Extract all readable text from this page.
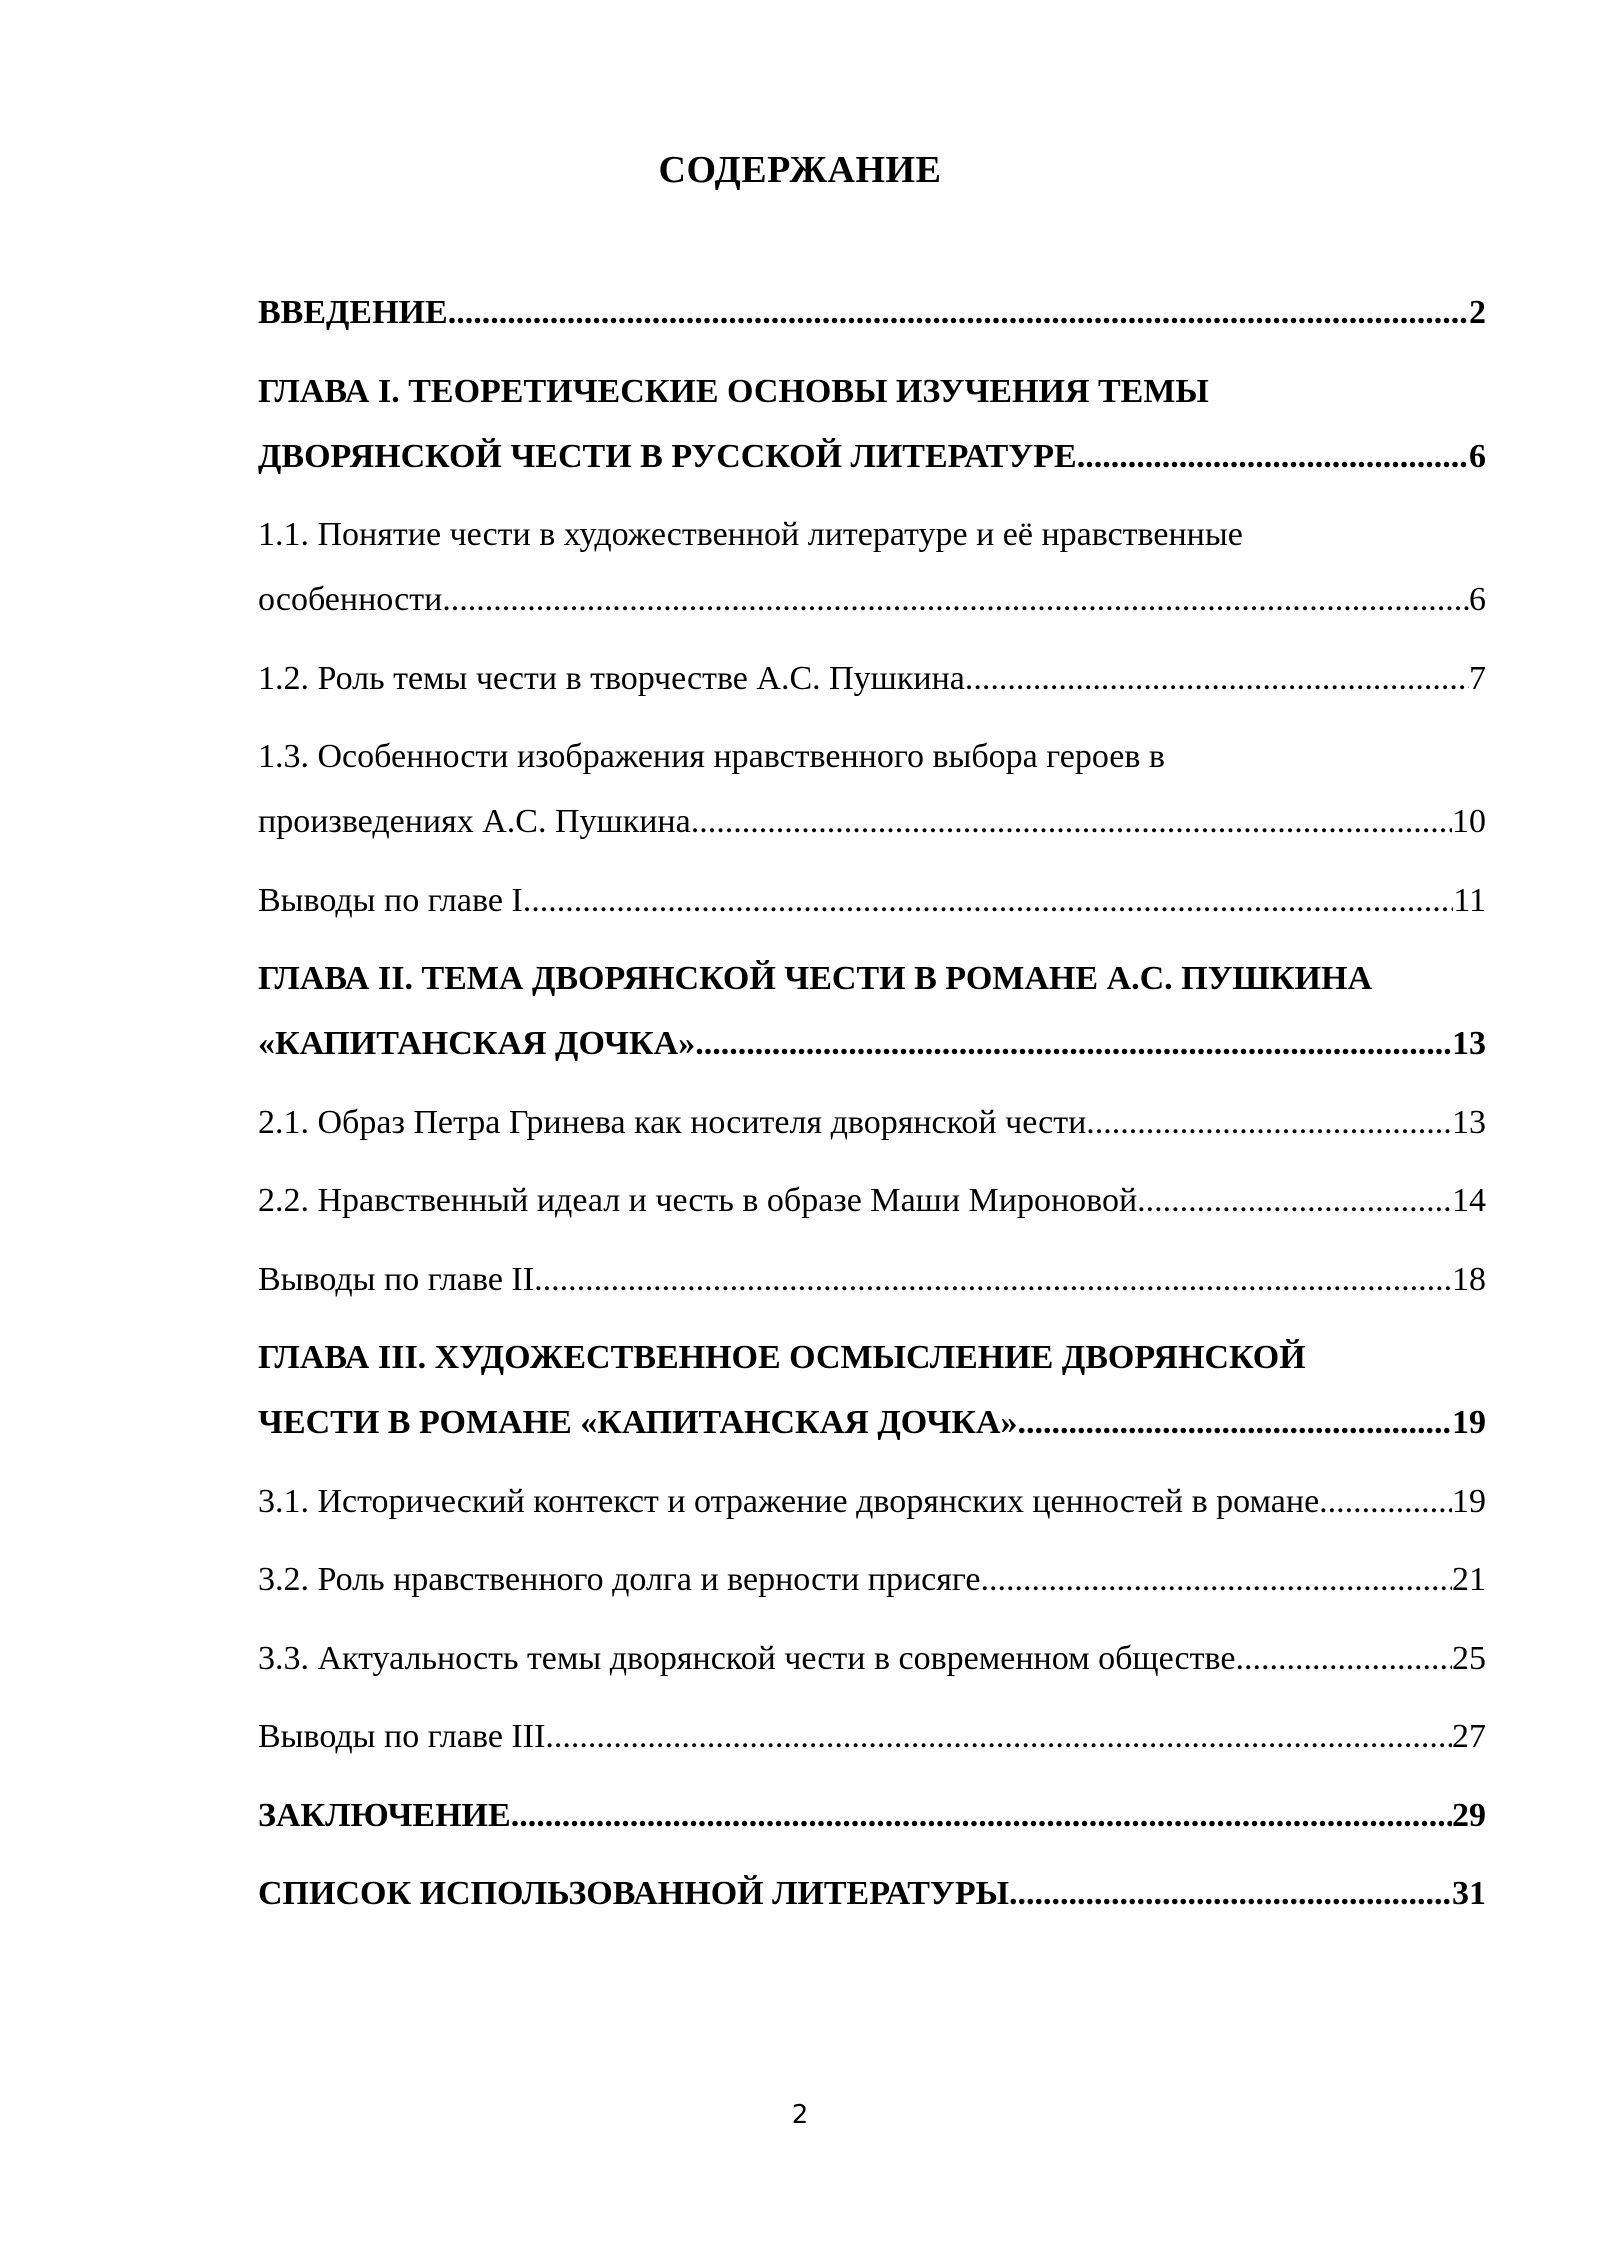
СОДЕРЖАНИЕ
ВВЕДЕНИЕ .....	2
ГЛАВА I. ТЕОРЕТИЧЕСКИЕ ОСНОВЫ ИЗУЧЕНИЯ ТЕМЫ
ДВОРЯНСКОЙ ЧЕСТИ В РУССКОЙ ЛИТЕРАТУРЕ .....	6
1.1. Понятие чести в художественной литературе и её нравственные
особенности .....	6
1.2. Роль темы чести в творчестве А.С. Пушкина .....	7
1.3. Особенности изображения нравственного выбора героев в
произведениях А.С. Пушкина .....	10
Выводы по главе I .....	11
ГЛАВА II. ТЕМА ДВОРЯНСКОЙ ЧЕСТИ В РОМАНЕ А.С. ПУШКИНА
«КАПИТАНСКАЯ ДОЧКА» .....	13
2.1. Образ Петра Гринева как носителя дворянской чести .....	13
2.2. Нравственный идеал и честь в образе Маши Мироновой .....	14
Выводы по главе II .....	18
ГЛАВА III. ХУДОЖЕСТВЕННОЕ ОСМЫСЛЕНИЕ ДВОРЯНСКОЙ
ЧЕСТИ В РОМАНЕ «КАПИТАНСКАЯ ДОЧКА» .....	19
3.1. Исторический контекст и отражение дворянских ценностей в романе. .....	19
3.2. Роль нравственного долга и верности присяге .....	21
3.3. Актуальность темы дворянской чести в современном обществе .....	25
Выводы по главе III .....	27
ЗАКЛЮЧЕНИЕ .....	29
СПИСОК ИСПОЛЬЗОВАННОЙ ЛИТЕРАТУРЫ .....	31
2
